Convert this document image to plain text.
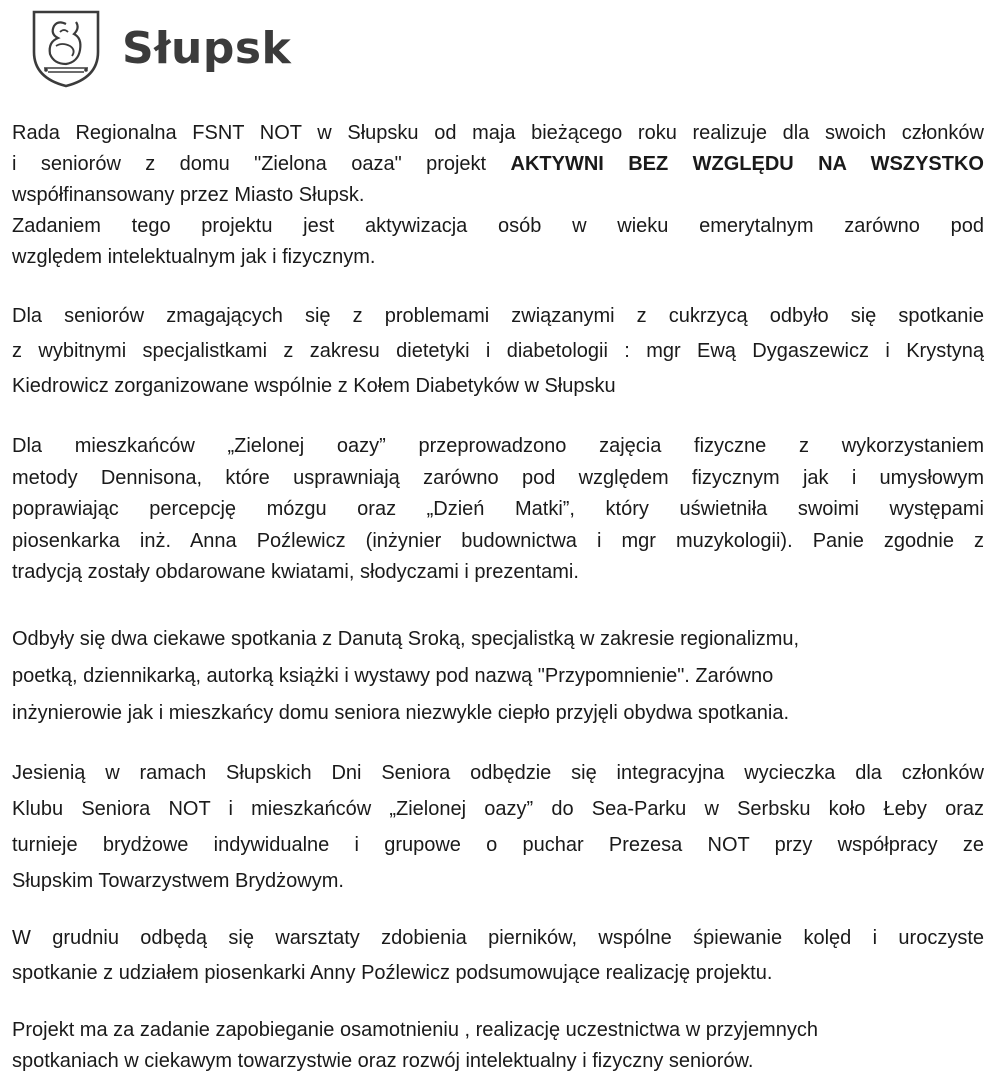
Słupsk
Rada Regionalna FSNT NOT w Słupsku od maja bieżącego roku realizuje dla swoich członków
i seniorów z domu "Zielona oaza" projekt AKTYWNI BEZ WZGLĘDU NA WSZYSTKO
współfinansowany przez Miasto Słupsk.
Zadaniem tego projektu jest aktywizacja osób w wieku emerytalnym zarówno pod
względem intelektualnym jak i fizycznym.
Dla seniorów zmagających się z problemami związanymi z cukrzycą odbyło się spotkanie
z wybitnymi specjalistkami z zakresu dietetyki i diabetologii : mgr Ewą Dygaszewicz i Krystyną
Kiedrowicz zorganizowane wspólnie z Kołem Diabetyków w Słupsku
Dla mieszkańców „Zielonej oazy” przeprowadzono zajęcia fizyczne z wykorzystaniem
metody Dennisona, które usprawniają zarówno pod względem fizycznym jak i umysłowym
poprawiając percepcję mózgu oraz „Dzień Matki”, który uświetniła swoimi występami
piosenkarka inż. Anna Poźlewicz (inżynier budownictwa i mgr muzykologii). Panie zgodnie z
tradycją zostały obdarowane kwiatami, słodyczami i prezentami.
Odbyły się dwa ciekawe spotkania z Danutą Sroką, specjalistką w zakresie regionalizmu,
poetką, dziennikarką, autorką książki i wystawy pod nazwą "Przypomnienie". Zarówno
inżynierowie jak i mieszkańcy domu seniora niezwykle ciepło przyjęli obydwa spotkania.
Jesienią w ramach Słupskich Dni Seniora odbędzie się integracyjna wycieczka dla członków
Klubu Seniora NOT i mieszkańców „Zielonej oazy” do Sea-Parku w Serbsku koło Łeby oraz
turnieje brydżowe indywidualne i grupowe o puchar Prezesa NOT przy współpracy ze
Słupskim Towarzystwem Brydżowym.
W grudniu odbędą się warsztaty zdobienia pierników, wspólne śpiewanie kolęd i uroczyste
spotkanie z udziałem piosenkarki Anny Poźlewicz podsumowujące realizację projektu.
Projekt ma za zadanie zapobieganie osamotnieniu , realizację uczestnictwa w przyjemnych
spotkaniach w ciekawym towarzystwie oraz rozwój intelektualny i fizyczny seniorów.
